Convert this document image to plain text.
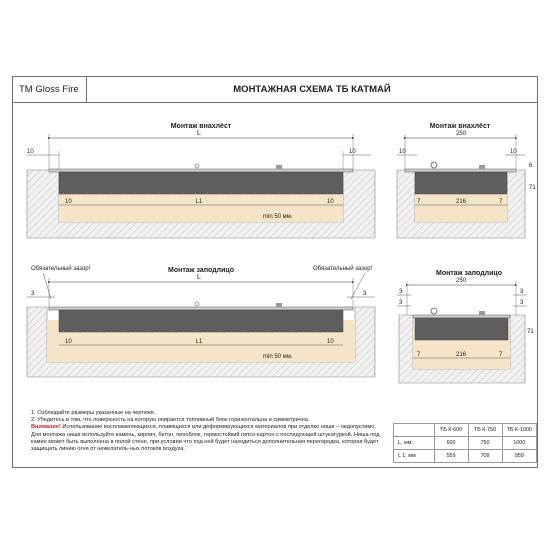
TM Gloss Fire	МОНТАЖНАЯ СХЕМА ТБ КАТМАЙ
Монтаж внахлёст
L
10	10
10	L1	10
min 50 мм.
Монтаж внахлёст
250
10	10
6
71
7	216	7
Монтаж заподлицо
Обязательный зазор!	Обязательный зазор!
L
3	3
10	L1	10
min 50 мм.
Монтаж заподлицо
250
3
3
3
3
71
7	216	7

1. Соблюдайте размеры указанные на чертеже.

2. Убедитесь в том, что поверхность на которую опирается топливный блок горизонтальна и симметрична.

Внимание! Использование воспламеняющихся, плавящихся или деформирующихся материалов при отделке ниши – недопустимо. Для монтажа ниши используйте камень, кирпич, бетон, пеноблок, термостойкий гипсо-картон с последующей штукатуркой. Ниша под камин может быть выполнена в полой стене, при условии что под ней будет находиться дополнительная перегородка, которая будет защищать линию огня от нежелатель-ных потоков воздуха.

	ТБ К-600	ТБ К-750	ТБ К-1000
L, мм	600	750	1000
L 1, мм	559	709	959
